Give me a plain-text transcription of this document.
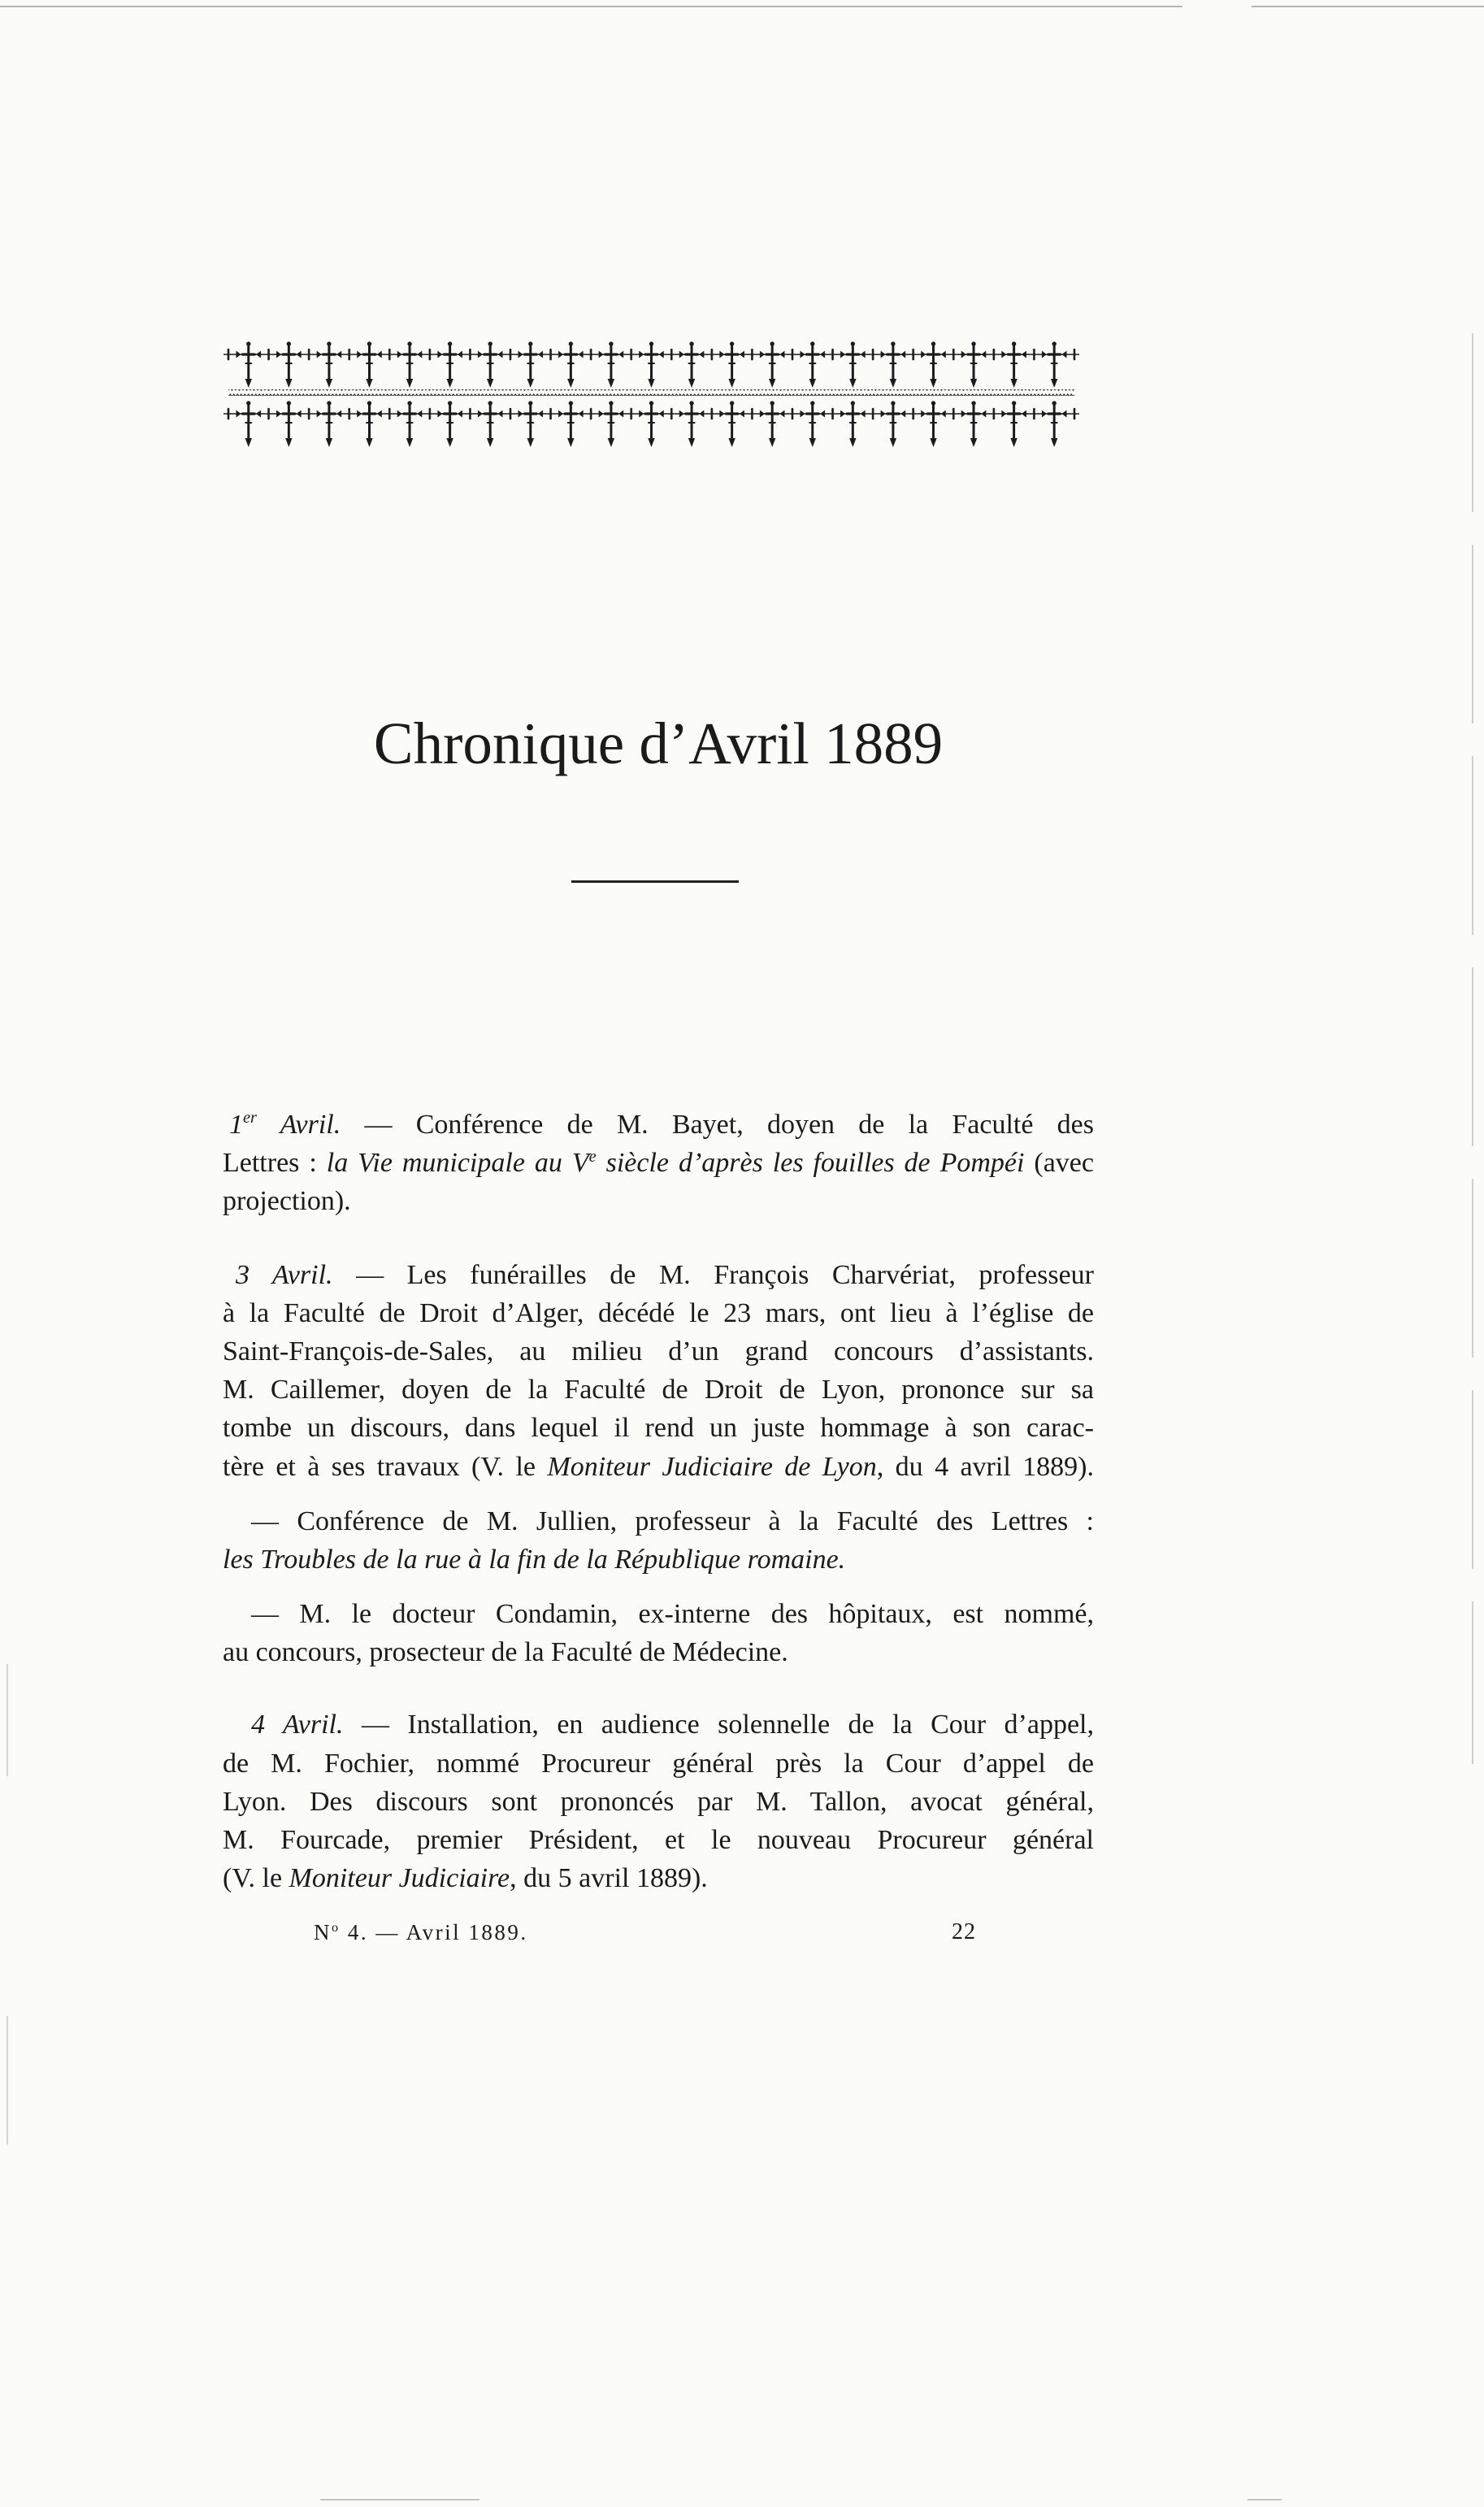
Chronique d’Avril 1889
1er Avril. — Conférence de M. Bayet, doyen de la Faculté des
Lettres : la Vie municipale au Ve siècle d’après les fouilles de Pompéi (avec
projection).
3 Avril. — Les funérailles de M. François Charvériat, professeur
à la Faculté de Droit d’Alger, décédé le 23 mars, ont lieu à l’église de
Saint-François-de-Sales, au milieu d’un grand concours d’assistants.
M. Caillemer, doyen de la Faculté de Droit de Lyon, prononce sur sa
tombe un discours, dans lequel il rend un juste hommage à son carac-
tère et à ses travaux (V. le Moniteur Judiciaire de Lyon, du 4 avril 1889).
— Conférence de M. Jullien, professeur à la Faculté des Lettres :
les Troubles de la rue à la fin de la République romaine.
— M. le docteur Condamin, ex-interne des hôpitaux, est nommé,
au concours, prosecteur de la Faculté de Médecine.
4 Avril. — Installation, en audience solennelle de la Cour d’appel,
de M. Fochier, nommé Procureur général près la Cour d’appel de
Lyon. Des discours sont prononcés par M. Tallon, avocat général,
M. Fourcade, premier Président, et le nouveau Procureur général
(V. le Moniteur Judiciaire, du 5 avril 1889).
$N^o$ 4. — Avril 1889.	22
